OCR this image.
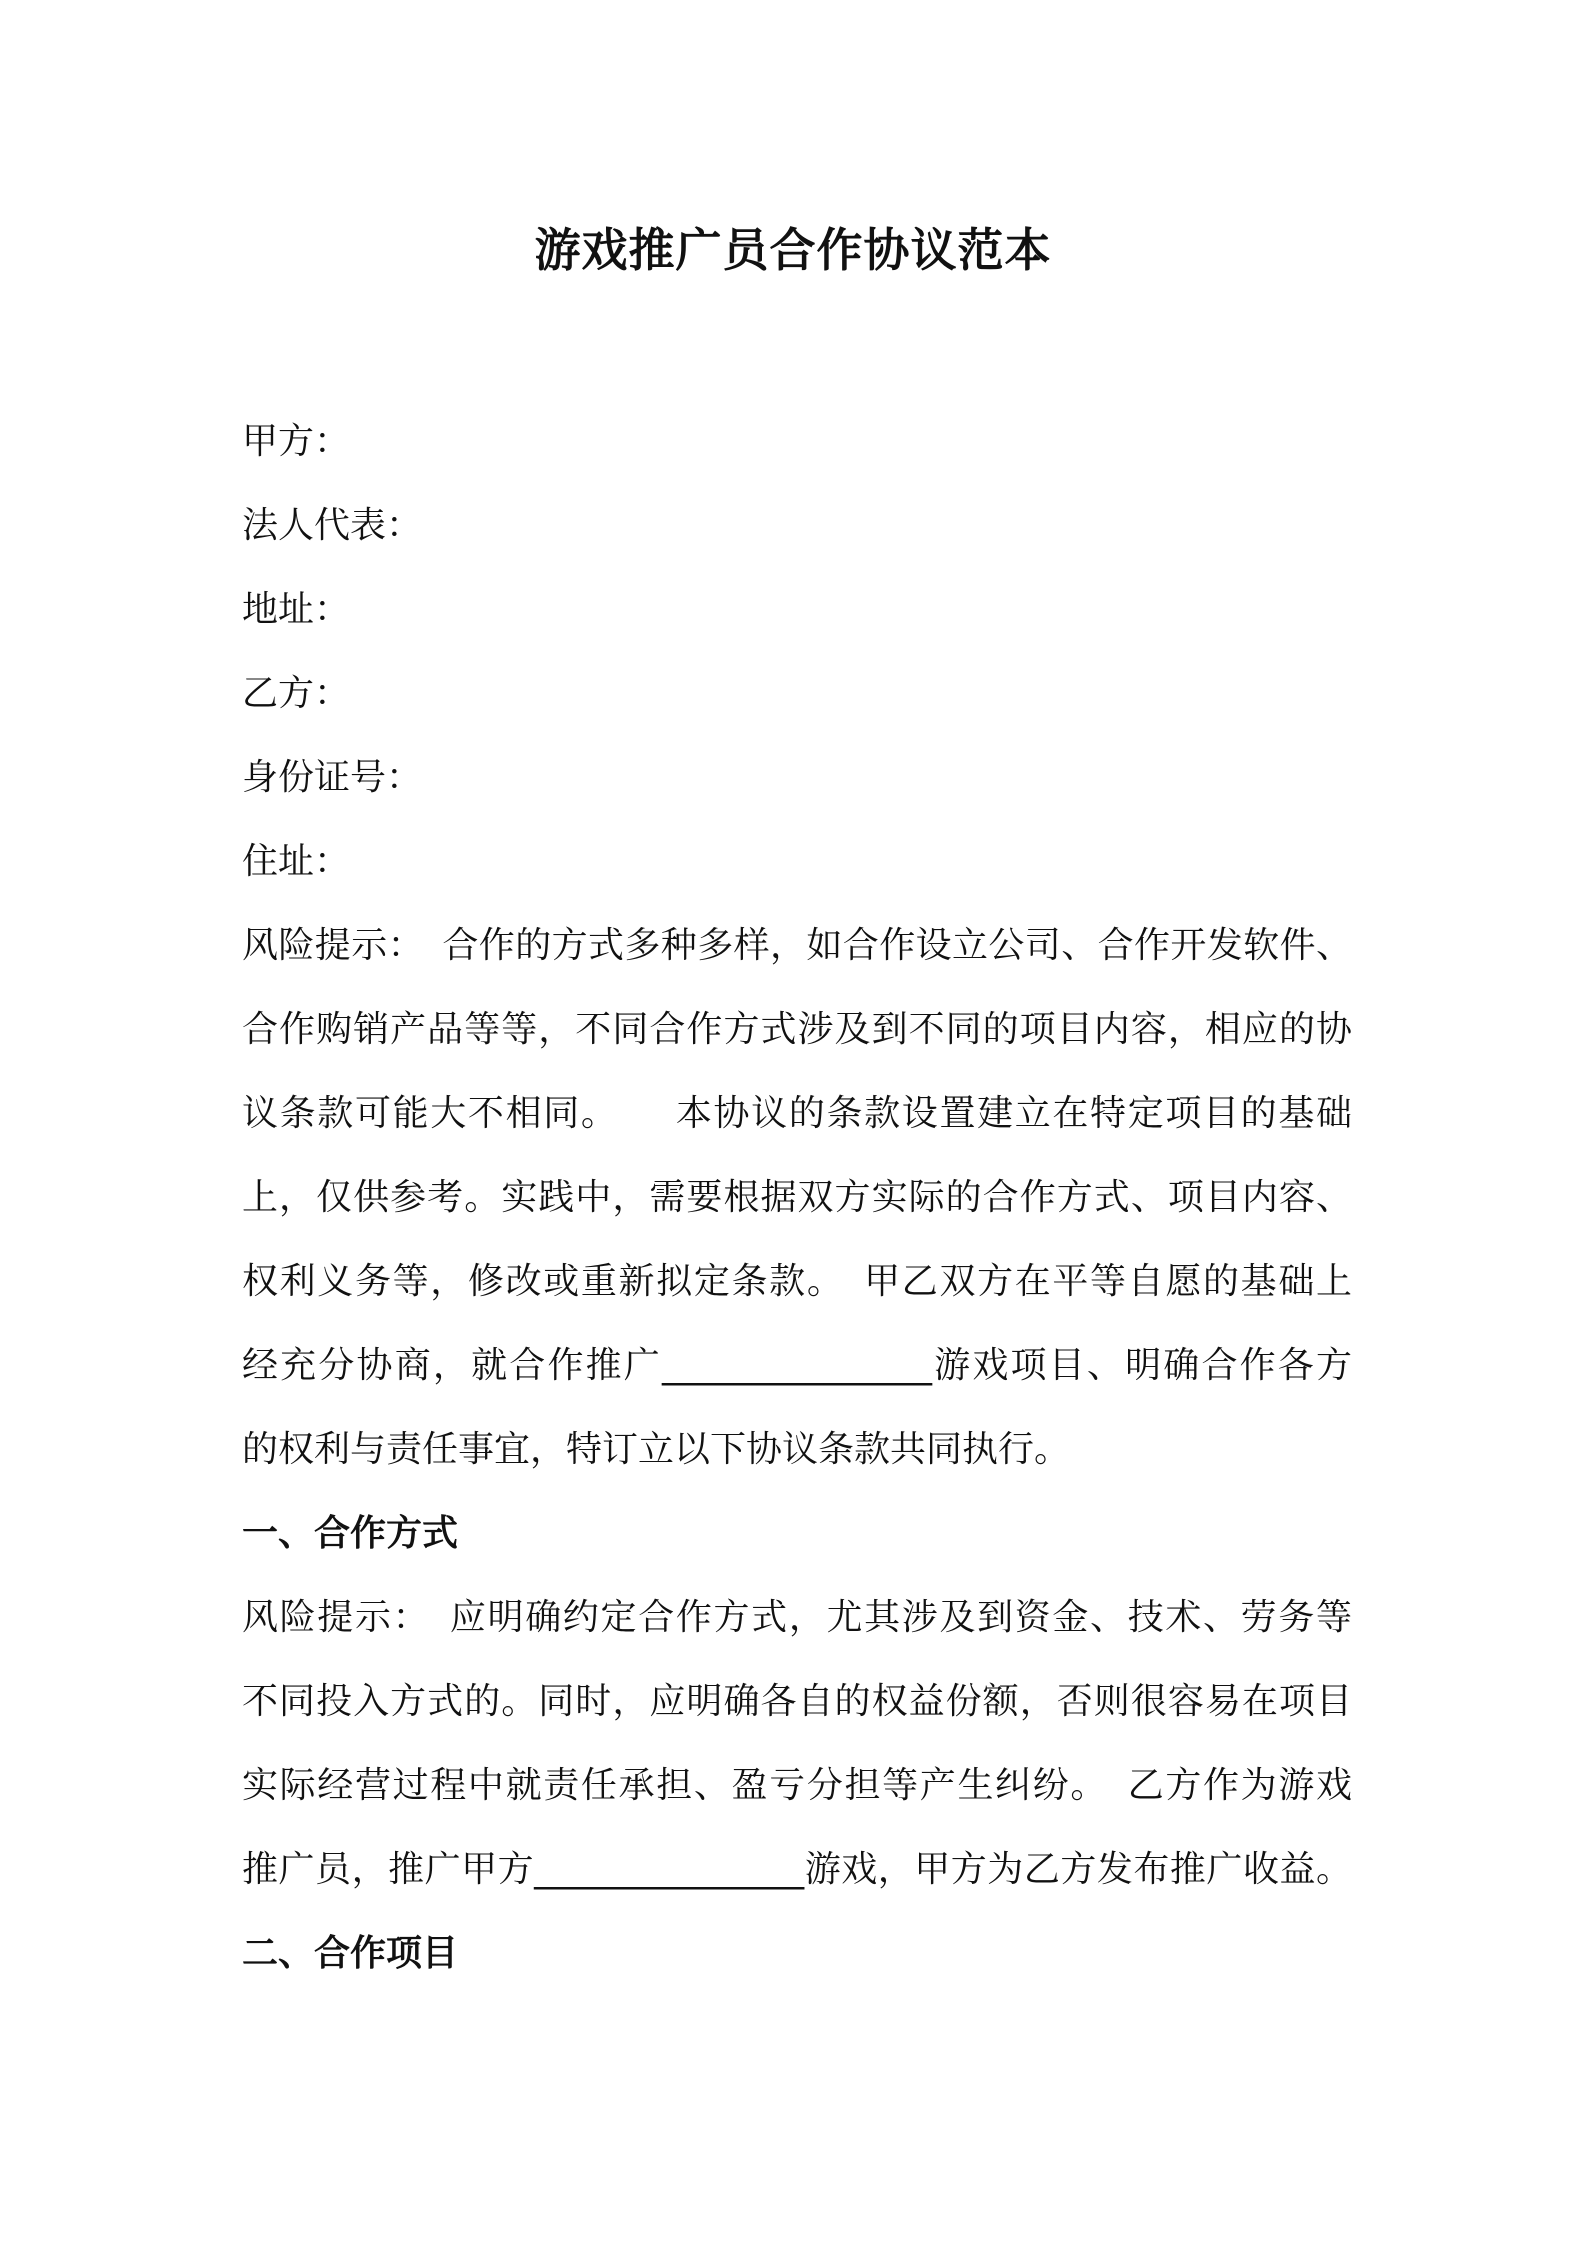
游戏推广员合作协议范本
甲方：
法人代表：
地址：
乙方：
身份证号：
住址：
风险提示：　合作的方式多种多样，如合作设立公司、合作开发软件、
合作购销产品等等，不同合作方式涉及到不同的项目内容，相应的协
议条款可能大不相同。　　本协议的条款设置建立在特定项目的基础
上，仅供参考。实践中，需要根据双方实际的合作方式、项目内容、
权利义务等，修改或重新拟定条款。　甲乙双方在平等自愿的基础上
经充分协商，就合作推广_______________游戏项目、明确合作各方
的权利与责任事宜，特订立以下协议条款共同执行。
一、合作方式
风险提示：　应明确约定合作方式，尤其涉及到资金、技术、劳务等
不同投入方式的。同时，应明确各自的权益份额，否则很容易在项目
实际经营过程中就责任承担、盈亏分担等产生纠纷。　乙方作为游戏
推广员，推广甲方_______________游戏，甲方为乙方发布推广收益。
二、合作项目
